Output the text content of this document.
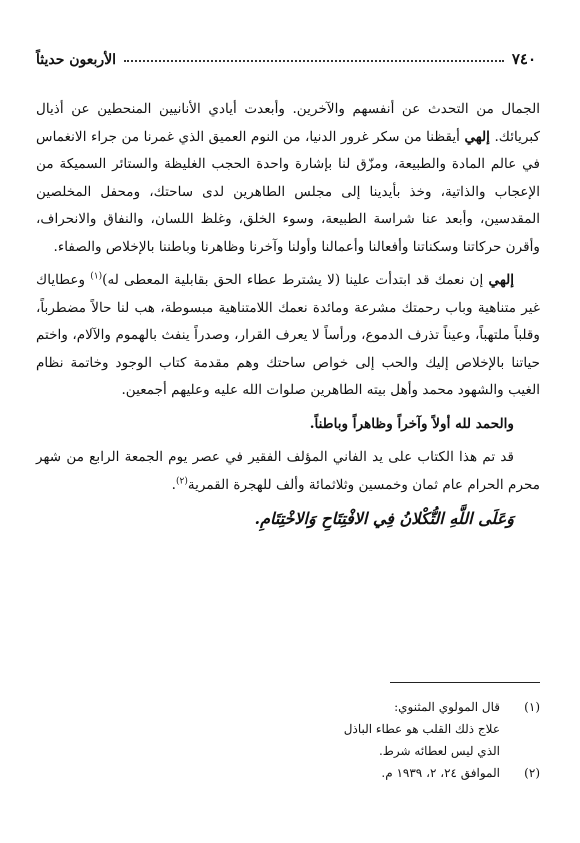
٧٤٠
الأربعون حديثاً

الجمال من التحدث عن أنفسهم والآخرين. وأبعدت أيادي الأنانيين المنحطين عن أذيال كبريائك. إلهي أيقظنا من سكر غرور الدنيا، من النوم العميق الذي غمرنا من جراء الانغماس في عالم المادة والطبيعة، ومزّق لنا بإشارة واحدة الحجب الغليظة والستائر السميكة من الإعجاب والذاتية، وخذ بأيدينا إلى مجلس الطاهرين لدى ساحتك، ومحفل المخلصين المقدسين، وأبعد عنا شراسة الطبيعة، وسوء الخلق، وغلظ اللسان، والنفاق والانحراف، وأقرن حركاتنا وسكناتنا وأفعالنا وأعمالنا وأولنا وآخرنا وظاهرنا وباطننا بالإخلاص والصفاء.

إلهي إن نعمك قد ابتدأت علينا (لا يشترط عطاء الحق بقابلية المعطى له)$^{(١)}$ وعطاياك غير متناهية وباب رحمتك مشرعة ومائدة نعمك اللامتناهية مبسوطة، هب لنا حالاً مضطرباً، وقلباً ملتهباً، وعيناً تذرف الدموع، ورأساً لا يعرف القرار، وصدراً ينفث بالهموم والآلام، واختم حياتنا بالإخلاص إليك والحب إلى خواص ساحتك وهم مقدمة كتاب الوجود وخاتمة نظام الغيب والشهود محمد وأهل بيته الطاهرين صلوات الله عليه وعليهم أجمعين.

والحمد لله أولاً وآخراً وظاهراً وباطناً.

قد تم هذا الكتاب على يد الفاني المؤلف الفقير في عصر يوم الجمعة الرابع من شهر محرم الحرام عام ثمان وخمسين وثلاثمائة وألف للهجرة القمرية$^{(٢)}$.

وَعَلَى اللَّهِ التُّكْلانُ فِي الافْتِتَاحِ وَالاخْتِتَامِ.

(١)
قال المولوي المثنوي:
علاج ذلك القلب هو عطاء الباذل
الذي ليس لعطائه شرط.
(٢)
الموافق ٢٤، ٢، ١٩٣٩ م.
